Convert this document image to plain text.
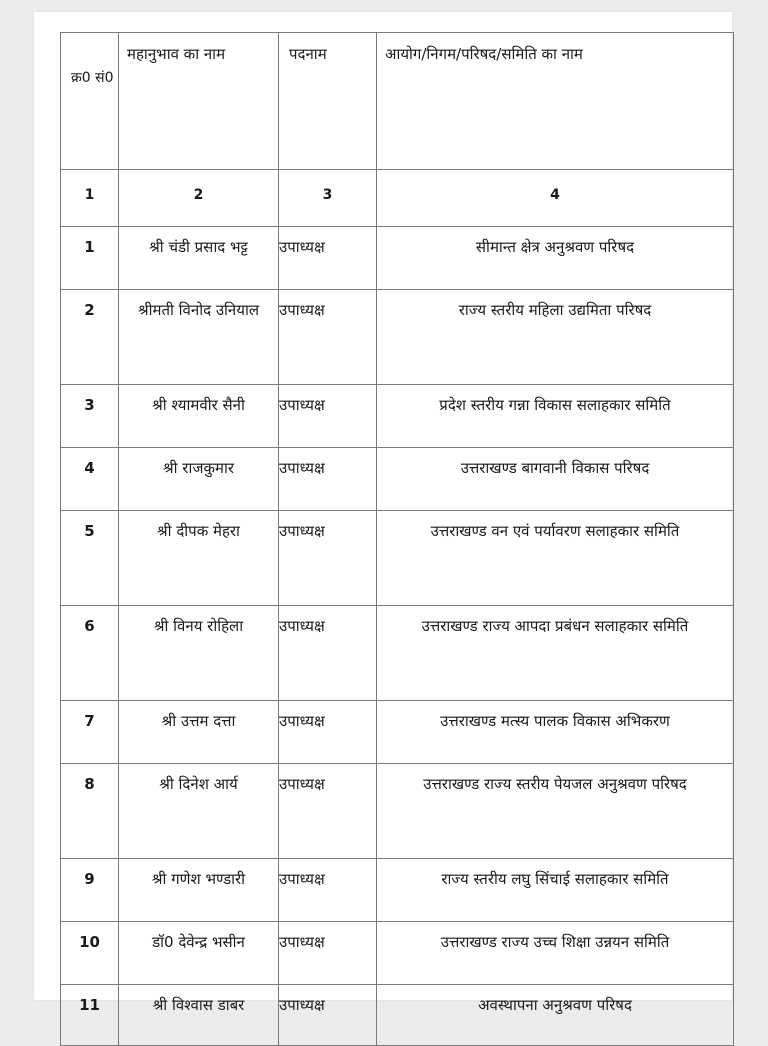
क्र0 सं0	महानुभाव का नाम	पदनाम	आयोग/निगम/परिषद/समिति का नाम
1	2	3	4
1	श्री चंडी प्रसाद भट्ट	उपाध्यक्ष	सीमान्त क्षेत्र अनुश्रवण परिषद
2	श्रीमती विनोद उनियाल	उपाध्यक्ष	राज्य स्तरीय महिला उद्यमिता परिषद
3	श्री श्यामवीर सैनी	उपाध्यक्ष	प्रदेश स्तरीय गन्ना विकास सलाहकार समिति
4	श्री राजकुमार	उपाध्यक्ष	उत्तराखण्ड बागवानी विकास परिषद
5	श्री दीपक मेहरा	उपाध्यक्ष	उत्तराखण्ड वन एवं पर्यावरण सलाहकार समिति
6	श्री विनय रोहिला	उपाध्यक्ष	उत्तराखण्ड राज्य आपदा प्रबंधन सलाहकार समिति
7	श्री उत्तम दत्ता	उपाध्यक्ष	उत्तराखण्ड मत्स्य पालक विकास अभिकरण
8	श्री दिनेश आर्य	उपाध्यक्ष	उत्तराखण्ड राज्य स्तरीय पेयजल अनुश्रवण परिषद
9	श्री गणेश भण्डारी	उपाध्यक्ष	राज्य स्तरीय लघु सिंचाई सलाहकार समिति
10	डॉ0 देवेन्द्र भसीन	उपाध्यक्ष	उत्तराखण्ड राज्य उच्च शिक्षा उन्नयन समिति
11	श्री विश्वास डाबर	उपाध्यक्ष	अवस्थापना अनुश्रवण परिषद
